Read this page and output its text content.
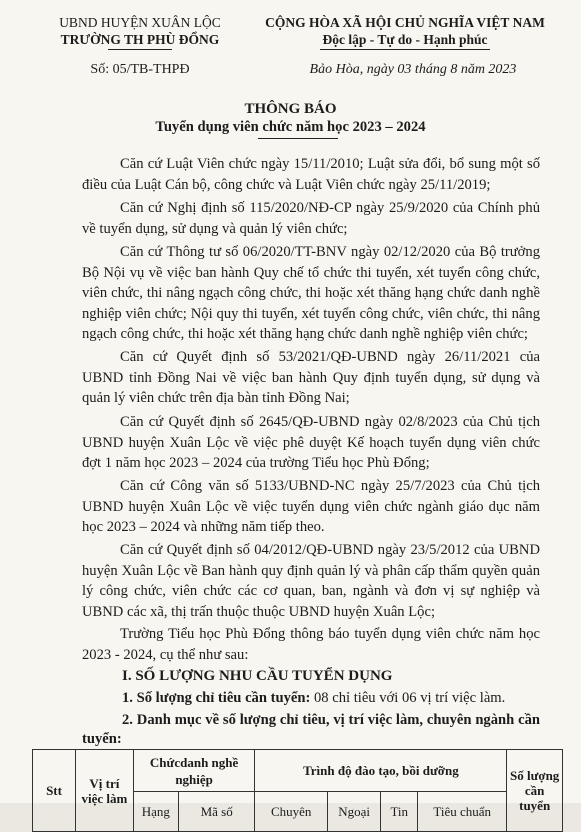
UBND HUYỆN XUÂN LỘC
TRƯỜNG TH PHÙ ĐỔNG
Số: 05/TB-THPĐ
CỘNG HÒA XÃ HỘI CHỦ NGHĨA VIỆT NAM
Độc lập - Tự do - Hạnh phúc
Bảo Hòa, ngày 03 tháng 8 năm 2023
THÔNG BÁO
Tuyển dụng viên chức năm học 2023 – 2024
Căn cứ Luật Viên chức ngày 15/11/2010; Luật sửa đổi, bổ sung một số điều của Luật Cán bộ, công chức và Luật Viên chức ngày 25/11/2019;
Căn cứ Nghị định số 115/2020/NĐ-CP ngày 25/9/2020 của Chính phủ về tuyển dụng, sử dụng và quản lý viên chức;
Căn cứ Thông tư số 06/2020/TT-BNV ngày 02/12/2020 của Bộ trưởng Bộ Nội vụ về việc ban hành Quy chế tổ chức thi tuyển, xét tuyển công chức, viên chức, thi nâng ngạch công chức, thi hoặc xét thăng hạng chức danh nghề nghiệp viên chức; Nội quy thi tuyển, xét tuyển công chức, viên chức, thi nâng ngạch công chức, thi hoặc xét thăng hạng chức danh nghề nghiệp viên chức;
Căn cứ Quyết định số 53/2021/QĐ-UBND ngày 26/11/2021 của UBND tỉnh Đồng Nai về việc ban hành Quy định tuyển dụng, sử dụng và quản lý viên chức trên địa bàn tỉnh Đồng Nai;
Căn cứ Quyết định số 2645/QĐ-UBND ngày 02/8/2023 của Chủ tịch UBND huyện Xuân Lộc về việc phê duyệt Kế hoạch tuyển dụng viên chức đợt 1 năm học 2023 – 2024 của trường Tiểu học Phù Đổng;
Căn cứ Công văn số 5133/UBND-NC ngày 25/7/2023 của Chủ tịch UBND huyện Xuân Lộc về việc tuyển dụng viên chức ngành giáo dục năm học 2023 – 2024 và những năm tiếp theo.
Căn cứ Quyết định số 04/2012/QĐ-UBND ngày 23/5/2012 của UBND huyện Xuân Lộc về Ban hành quy định quản lý và phân cấp thẩm quyền quản lý công chức, viên chức các cơ quan, ban, ngành và đơn vị sự nghiệp và UBND các xã, thị trấn thuộc thuộc UBND huyện Xuân Lộc;
Trường Tiểu học Phù Đổng thông báo tuyển dụng viên chức năm học 2023 - 2024, cụ thể như sau:
I. SỐ LƯỢNG NHU CẦU TUYỂN DỤNG
1. Số lượng chỉ tiêu cần tuyển: 08 chỉ tiêu với 06 vị trí việc làm.
2. Danh mục về số lượng chỉ tiêu, vị trí việc làm, chuyên ngành cần tuyển:
Stt	Vị trí việc làm	Chứcdanh nghề nghiệp		Trình độ đào tạo, bồi dưỡng				Số lượng cần tuyển
		Hạng	Mã số	Chuyên	Ngoại	Tin	Tiêu chuẩn	
